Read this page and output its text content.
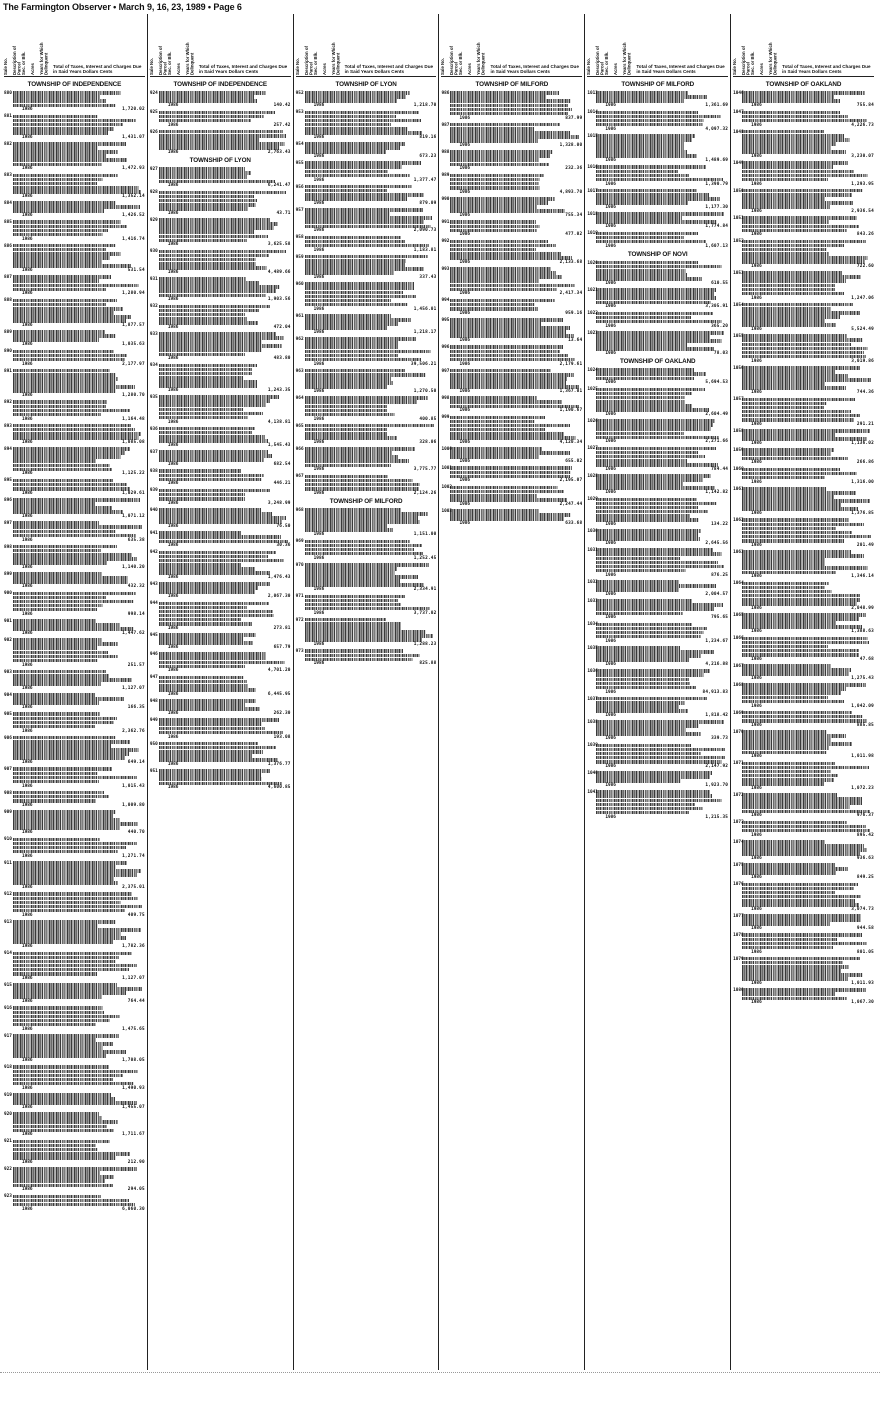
The Farmington Observer • March 9, 16, 23, 1989 • Page 6
Sale No. Description of Parcel Sec. or Blk. Acres Years for Which Delinquent Total of Taxes, Interest and Charges Due in Said Years Dollars Cents
TOWNSHIP OF INDEPENDENCE
880
1986	1,720.02
881
1986	1,431.07
882
1986	1,472.93
883
1986	1,352.14
884
1986	1,426.52
885
1986	1,416.74
886
1986	531.54
887
1986	1,280.94
888
1986	1,877.57
889
1986	1,035.63
890
1986	2,177.97
891
1986	1,280.70
892
1986	1,164.48
893
1986	1,085.08
894
1986	1,125.22
895
1986	1,029.61
896
1986	1,071.12
897
1986	635.38
898
1986	1,140.20
899
1986	432.32
900
1986	998.14
901
1986	1,447.62
902
1986	251.57
903
1986	1,127.07
904
1986	166.35
905
1986	2,362.76
906
1986	649.14
907
1986	1,015.43
908
1986	1,009.80
909
1986	440.70
910
1986	1,271.74
911
1986	2,375.01
912
1986	409.75
913
1986	1,782.36
914
1986	1,127.07
915
1986	764.44
916
1986	1,475.65
917
1986	1,708.05
918
1986	1,490.93
919
1986	1,455.07
920
1986	1,711.67
921
1986	212.90
922
1986	294.05
923
1986	6,060.30
Sale No. Description of Parcel Sec. or Blk. Acres Years for Which Delinquent Total of Taxes, Interest and Charges Due in Said Years Dollars Cents
TOWNSHIP OF INDEPENDENCE
924
1986	140.42
925
1986	257.42
926
1986	2,763.43
TOWNSHIP OF LYON
927
1986	6,241.47
928
1986	43.71
929
1986	3,625.58
930
1986	4,489.66
931
1986	1,903.56
932
1986	472.04
933
1986	483.80
934
1986	1,243.35
935
1986	4,138.81
936
1986	1,545.43
937
1986	682.54
938
1986	446.21
939
1986	3,248.99
940
1986	76.50
941
1986	30.36
942
1986	1,476.43
943
1986	2,067.30
944
1986	273.81
945
1986	657.79
946
1986	4,701.20
947
1986	6,445.95
948
1986	262.30
949
1986	193.08
950
1986	1,376.77
951
1986	4,600.85
Sale No. Description of Parcel Sec. or Blk. Acres Years for Which Delinquent Total of Taxes, Interest and Charges Due in Said Years Dollars Cents
TOWNSHIP OF LYON
952
1986	1,218.70
953
1986	819.16
954
1986	673.23
955
1986	1,377.47
956
1986	879.09
957
1986	2,090.73
958
1986	1,183.81
959
1986	337.43
960
1986	1,456.01
961
1986	1,218.17
962
1986	39,506.21
963
1986	1,270.50
964
1986	400.85
965
1986	328.06
966
1986	3,775.77
967
1986	2,124.26
TOWNSHIP OF MILFORD
968
1986	1,151.00
969
1986	1,252.45
970
1986	2,334.91
971
1986	3,737.02
972
1986	1,288.23
973
1986	825.88
Sale No. Description of Parcel Sec. or Blk. Acres Years for Which Delinquent Total of Taxes, Interest and Charges Due in Said Years Dollars Cents
TOWNSHIP OF MILFORD
986
1986	837.99
987
1986	1,328.00
988
1986	232.36
989
1986	4,893.70
990
1986	755.34
991
1986	477.02
992
1986	2,133.68
993
1986	2,417.34
994
1986	959.16
995
1986	13.64
996
1986	2,179.61
997
1986	1,367.01
998
1986	1,190.67
999
1986	4,120.34
1000
1986	655.02
1001
1986	2,195.07
1002
1986	2,247.44
1003
1986	633.68
Sale No. Description of Parcel Sec. or Blk. Acres Years for Which Delinquent Total of Taxes, Interest and Charges Due in Said Years Dollars Cents
TOWNSHIP OF MILFORD
1013
1986	1,361.69
1014
1986	4,097.32
1015
1986	1,489.69
1016
1986	1,390.79
1017
1986	1,177.30
1018
1986	1,774.84
1019
1986	1,607.13
TOWNSHIP OF NOVI
1020
1986	610.55
1021
1986	3,305.91
1022
1986	365.20
1023
1986	78.03
TOWNSHIP OF OAKLAND
1024
1986	5,694.53
1025
1986	2,604.49
1026
1986	2,271.66
1027
1986	784.44
1028
1986	1,142.82
1029
1986	134.22
1030
1986	2,645.56
1031
1986	876.25
1032
1986	2,004.57
1033
1986	795.65
1034
1986	1,234.67
1035
1986	4,216.88
1036
1986	84,913.83
1037
1986	1,818.42
1038
1986	339.73
1039
1986	2,147.92
1040
1986	1,923.70
1041
1986	1,215.35
Sale No. Description of Parcel Sec. or Blk. Acres Years for Which Delinquent Total of Taxes, Interest and Charges Due in Said Years Dollars Cents
TOWNSHIP OF OAKLAND
1046
1986	755.84
1047
1986	4,226.73
1048
1986	3,230.07
1049
1986	1,293.95
1050
1986	2,936.54
1051
1986	843.26
1052
1986	722.60
1053
1986	1,247.06
1054
1986	5,524.49
1055
1986	3,019.86
1056
1986	744.36
1057
1986	291.21
1058
1986	1,136.02
1059
1986	266.86
1060
1986	1,316.00
1061
1986	1,376.85
1062
1986	201.49
1063
1986	1,346.14
1064
1986	2,048.99
1065
1986	1,388.63
1066
1986	47.68
1067
1986	1,275.43
1068
1986	1,042.09
1069
1986	885.85
1070
1986	1,011.98
1071
1986	1,072.23
1072
1986	976.37
1073
1986	895.42
1074
1986	936.63
1075
1986	849.25
1076
1986	3,074.73
1077
1986	944.58
1078
1986	801.05
1079
1986	1,011.93
1080
1986	1,067.30
